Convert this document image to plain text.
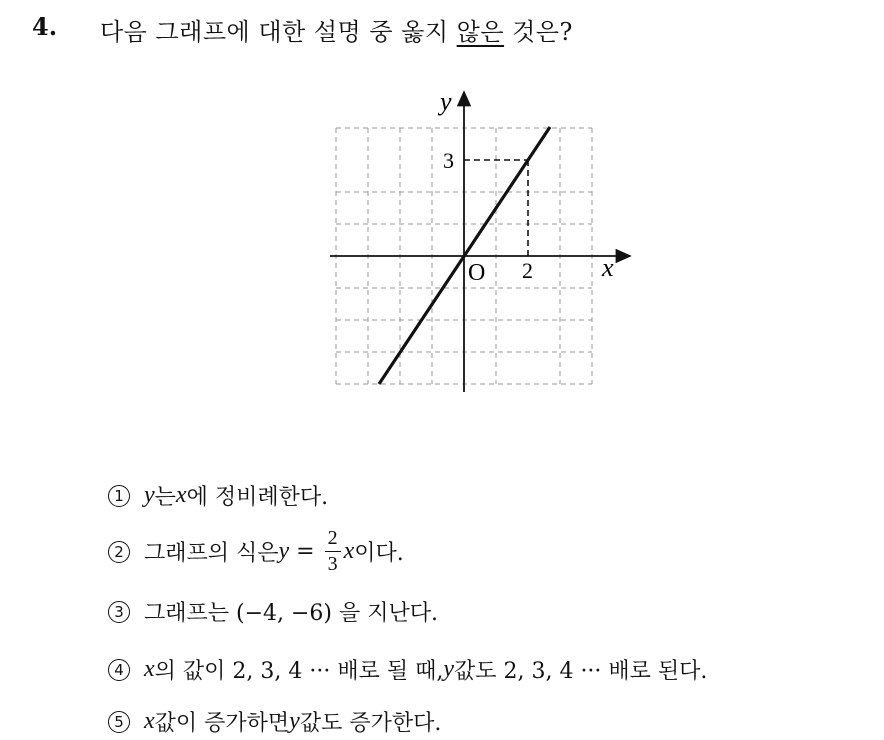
4. 다음 그래프에 대한 설명 중 옳지 않은 것은?
y
x
O
3
2
1 y 는 x 에 정비례한다.
2 그래프의 식은 $y = \frac{2}{3}$ x 이다.
3 그래프는 (−4, −6) 을 지난다.
4 x 의 값이 2, 3, 4 ··· 배로 될 때, y 값도 2, 3, 4 ··· 배로 된다.
5 x 값이 증가하면 y 값도 증가한다.
